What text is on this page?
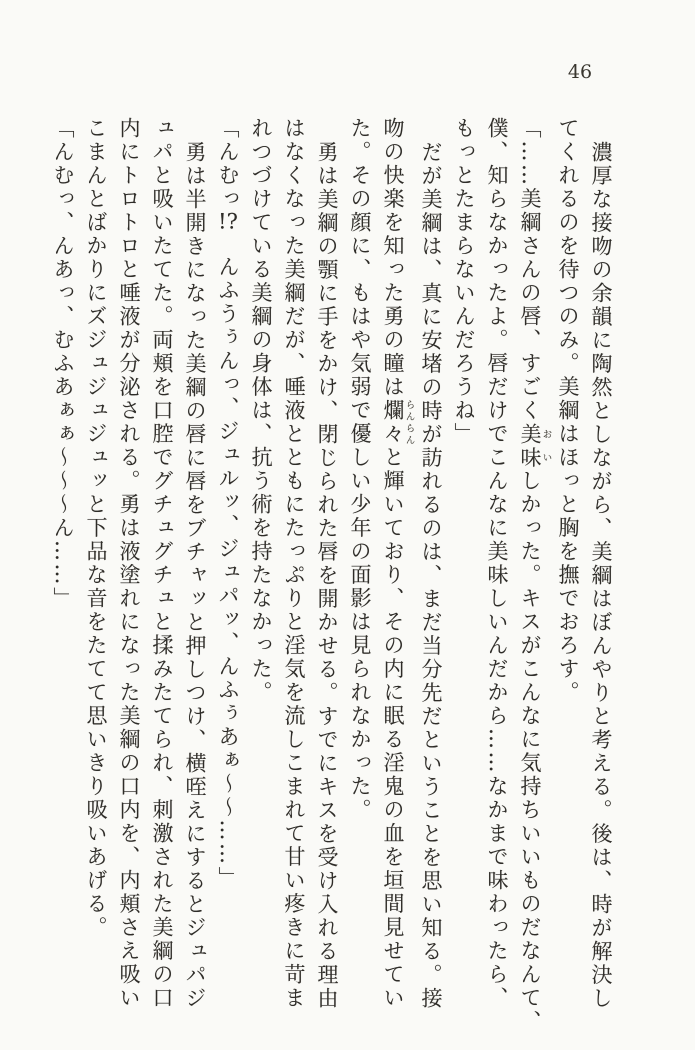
46
濃厚な接吻の余韻に陶然としながら、美綱はぼんやりと考える。後は、時が解決し
てくれるのを待つのみ。美綱はほっと胸を撫でおろす。
「……美綱さんの唇、すごく美味おいしかった。キスがこんなに気持ちいいものだなんて、
僕、知らなかったよ。唇だけでこんなに美味しいんだから……なかまで味わったら、
もっとたまらないんだろうね」
だが美綱は、真に安堵の時が訪れるのは、まだ当分先だということを思い知る。接
吻の快楽を知った勇の瞳は爛々らんらんと輝いており、その内に眠る淫鬼の血を垣間見せてい
た。その顔に、もはや気弱で優しい少年の面影は見られなかった。
勇は美綱の顎に手をかけ、閉じられた唇を開かせる。すでにキスを受け入れる理由
はなくなった美綱だが、唾液とともにたっぷりと淫気を流しこまれて甘い疼きに苛ま
れつづけている美綱の身体は、抗う術を持たなかった。
「んむっ!?　んふうぅんっ、ジュルッ、ジュパッ、んふぅあぁ～～……」
勇は半開きになった美綱の唇に唇をブチャッと押しつけ、横咥えにするとジュパジ
ュパと吸いたてた。両頬を口腔でグチュグチュと揉みたてられ、刺激された美綱の口
内にトロトロと唾液が分泌される。勇は液塗れになった美綱の口内を、内頬さえ吸い
こまんとばかりにズジュジュジュッと下品な音をたてて思いきり吸いあげる。
「んむっ、んあっ、むふあぁぁ～～～ん……」
